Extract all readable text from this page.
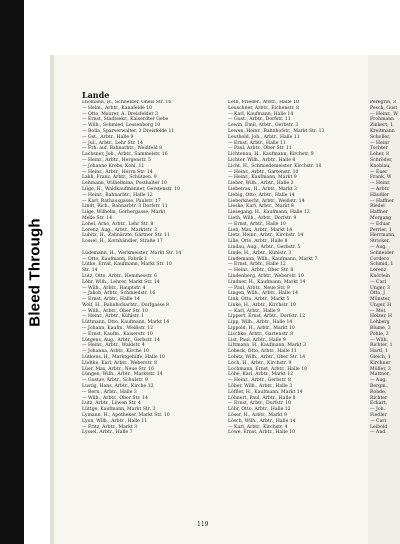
Bleed Through
Lande
Lhomann, H., Schneider, Gneis Str. 16
— Helm., Arbtr., Kanafelde 10
— Otto, Maurer, A. Dreisfelder 3
— Ernst, Stadtsekr., Kaiserdter Gebe
— Wilh., Schmied, Lessenberg 10
— Bolla, Sparverwalter, 3 Dreisfelde 11
— Gst., Arbtr., Halle 9
— Jul., Arbtr., Lehr Str. 14
— Frh. auf. Bahnarbtr., Weißfeld 8
Lachsner, Joh., Arbtr., Sammelstr. 16
— Heinr., Arbtr., Hergenstr. 5
— Johanne Krebs, Kohl. 11
— Heinr., Arbtr., Herrn Str. 14
Lakli, Franz, Arbtr., Schützen. 9
Lehmann, Wilhelmina, Posthalter 10
Lilge, H., Waldkaufmänner, Gerstenstr. 10
— Heinr., Bahnarbtr., Halle 12
— Karl, Rathausgasse, Paulstr. 17
Lindt, Rich., Bahnarbtr. 3 Dorfstr. 11
Lilge, Wilhelm, Gerbergasse, Markt
Melle Str. 14
Lobel, Arno, Arbtr., Lehr Str. 8
Lorenz, Aug., Arbtr., Marktstr. 3
Lubitz, H., Zahnärzte, Gärtner Str. 11
Lossel, H., Kornhändler, Straße 17
Lüdemann, H., Werkmeister, Markt Str. 14
— Otto, Kaufmann, Fabrik 1
Lütke, Ernst, Kaufmann, Markt Str. 10
Str. 14
Lutz, Otto, Arbtr., Hemmesstr. 6
Löhr, Wilh., Lehrer, Markt Str. 14
— Wilh., Arbtr., Hauptstr. 4
— Jakob, Arbtr., Schmiedstr. 16
— Ernst, Arbtr., Halle 14
Wolf, H., Bahnhofsarbtr., Dorfgasse 8
— Wilh., Arbtr., Ober Str. 10
— Heinr., Arbtr., Kühlstr. 1
Lüttmann, Otto, Kaufmann, Markt 14
— Johann, Kaufm., Weißstr. 12
— Ernst, Kaufm., Kaiserstr. 10
Lütgens, Aug., Arbtr., Gerbstr. 14
— Heinr., Arbtr., Waldstr. 4
— Johanna, Arbtr., Kirche 10
Lütkens, H., Marktgehilfe, Halle 10
Lüdtke, Karl, Arbtr., Weberstr. 8
Lüer, Max, Arbtr., Neue Str. 16
Lüngen, Wilh., Arbtr., Marktstr. 14
— Gustav, Arbtr., Schulstr. 9
Lustig, Hans, Arbtr., Kirche 12
— Bern., Arbtr., Halle 3
— Wilh., Arbtr., Ober Str. 14
Lutz, Arbtr., Löwen Str. 4
Lüttge, Kaufmann, Markt Str. 3
Lymann, H., Apotheker, Markt Str. 10
Lyon, Wilh., Arbtr., Halle 11
— Fritz, Arbtr., Markt 3
Lyssel, Arbtr., Halle 7
Leth, Frieder., Arbtr., Halle 10
Leuschner, Arbtr., Eichenstr. 8
— Karl, Kaufmann, Halle 14
— Gust., Arbtr., Dorfstr. 11
Lewin, Emil, Arbtr., Gerbstr. 3
Lewen, Heinr., Bahnhofstr., Markt Str. 13
Leuthold, Joh., Arbtr., Halle 11
— Ernst, Arbtr., Halle 11
— Paul, Arbtr., Ober Str. 11
Lichtenau, H., Kaufmann, Kirchstr. 9
Lichter, Wilh., Arbtr., Halle 8
Licht, H., Schmiedemeister, Kirchstr. 10
— Heinr., Arbtr., Gartenstr. 10
— Heinr., Kaufmann, Markt 9
Lieber, Wilh., Arbtr., Halle 3
Liebetrau, H., Arbtr., Markt 3
Liebig, Otto, Arbtr., Halle 14
Lieberknecht, Arbtr., Weißstr. 14
Lieske, Karl, Arbtr., Markt 8
Liesegang, H., Kaufmann, Halle 12
Lieth, Wilh., Arbtr., Dorfstr. 9
— Ernst, Arbtr., Halle 10
Ließ, Max, Arbtr., Markt 14
Lietz, Heinr., Arbtr., Kirchstr. 14
Lilie, Otto, Arbtr., Halle 8
Lindau, Aug., Arbtr., Gerbstr. 5
Linde, H., Arbtr., Kühlstr. 3
Lindemann, Wilh., Kaufmann, Markt 7
— Ernst, Arbtr., Halle 12
— Heinr., Arbtr., Ober Str. 8
Lindenberg, Arbtr., Weberstr. 10
Lindner, H., Kaufmann, Markt 14
— Paul, Arbtr., Neue Str. 9
Lingen, Wilh., Arbtr., Halle 14
Link, Otto, Arbtr., Markt 5
Linke, H., Arbtr., Kirchstr. 10
— Karl, Arbtr., Halle 9
Lippert, Ernst, Arbtr., Dorfstr. 12
Lipp, Wilh., Arbtr., Halle 14
Lippold, H., Arbtr., Markt 10
Lischke, Arbtr., Gartenstr. 8
List, Paul, Arbtr., Halle 9
Littmann, H., Kaufmann, Markt 3
Lobeck, Otto, Arbtr., Halle 11
Lobitz, Wilh., Arbtr., Ober Str. 14
Loch, H., Arbtr., Kirchstr. 9
Lochmann, Ernst, Arbtr., Halle 10
Löbe, Karl, Arbtr., Markt 12
— Heinr., Arbtr., Gerbstr. 8
Löber, Wilh., Arbtr., Halle 3
Löffler, H., Kaufmann, Markt 14
Löhnert, Paul, Arbtr., Halle 8
— Ernst, Arbtr., Dorfstr. 10
Löhr, Otto, Arbtr., Halle 12
Löser, H., Arbtr., Markt 9
Lösch, Wilh., Arbtr., Halle 14
— Karl, Arbtr., Kirchstr. 4
Löwe, Ernst, Arbtr., Halle 10
Peregrin, 3
Pesch, Gust
— Heinr., W
Frohmann
Zinkert, 1
Kreitmann
Scholler,
— Heinr
Tochter
Leher, 8
Schröder,
Knoblau,
— Euer
Frank, W
— Heinr.
— Arbtr.
Häußler
— Haffner
Riedel
Haffner
Morgang
— Eduar
Perrier, 1
Herrmann,
Stricker,
— Aug.
Schneider
Cordero
Schmid, 1
Lorenz
Knörlein
— Carl
Unger, 3
Otto, J
Münster,
Unger, H
— Mel.
Holzer, H
Lohberg
Blume, 3
Pohle, 3
— Wilh.
Richter, 1
Hartl, 1
Gleich, 1
Kirchner
Müller, 3
Mattner,
— Aug.
Bergm.,
Rohde,
Richter
Eckart,
— Joh.
Fiedler
— Carl
Leibold
— And.
119
